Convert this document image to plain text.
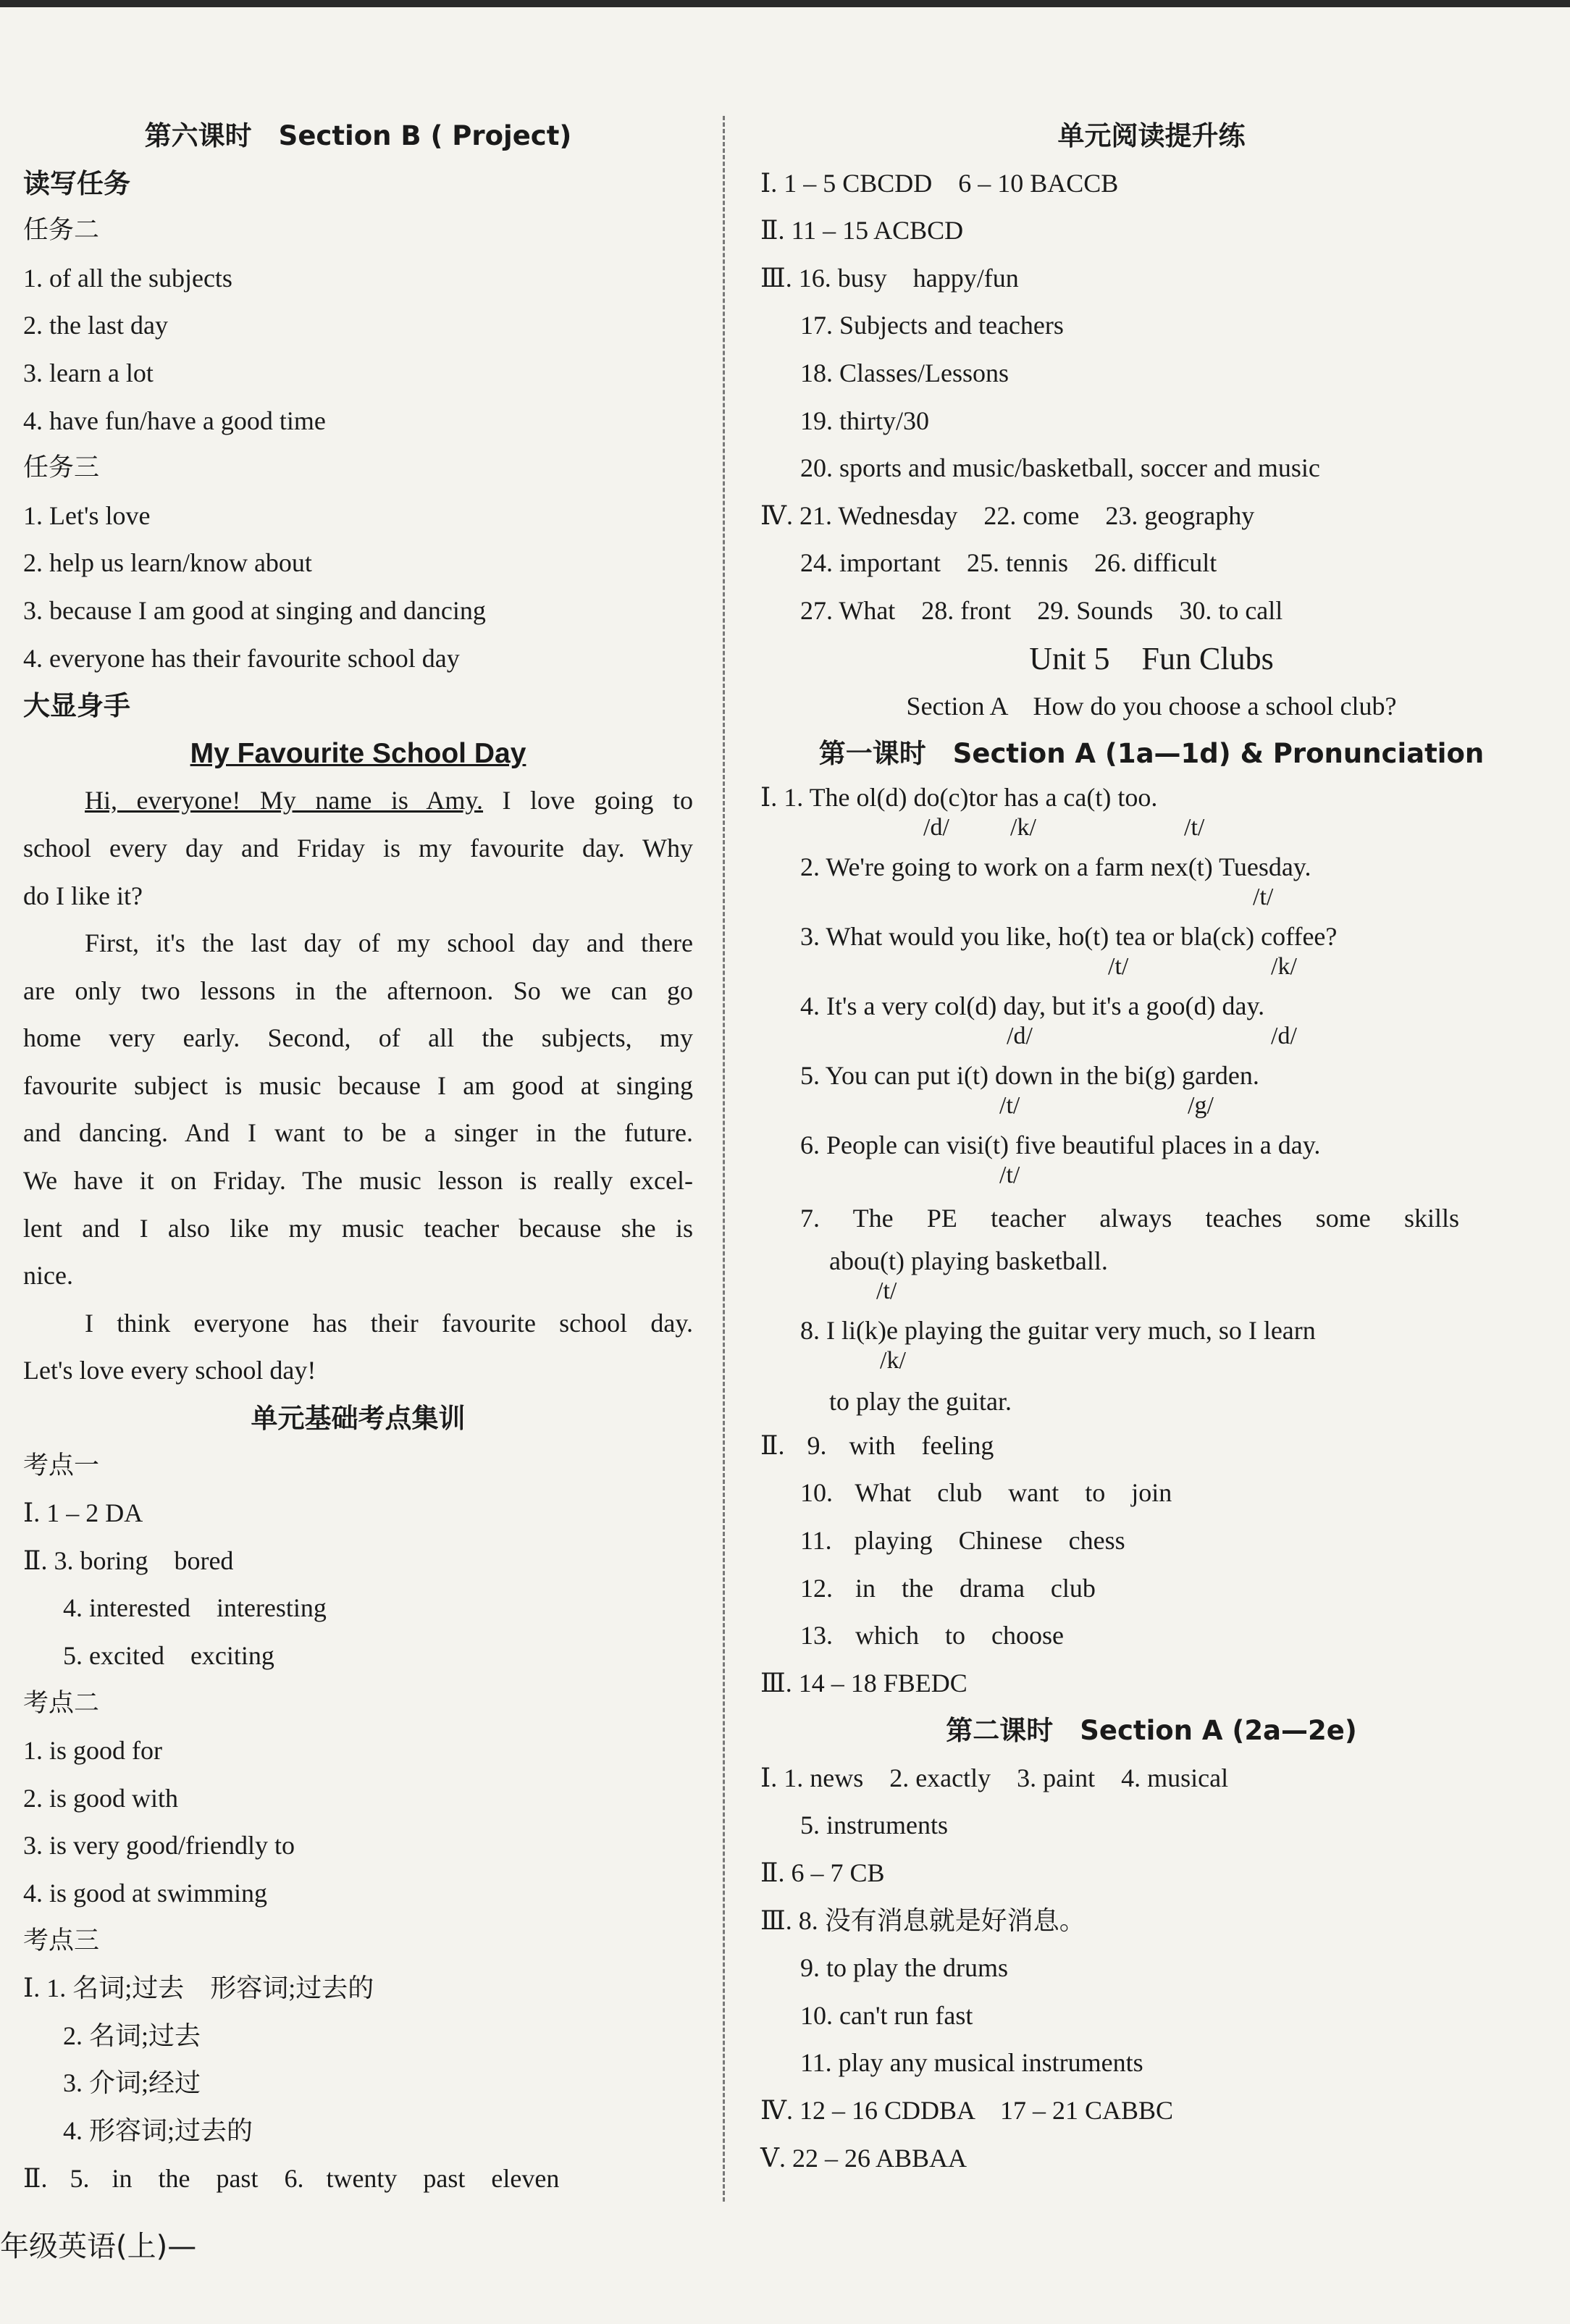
第六课时　Section B ( Project)
读写任务
任务二
1. of all the subjects
2. the last day
3. learn a lot
4. have fun/have a good time
任务三
1. Let's love
2. help us learn/know about
3. because I am good at singing and dancing
4. everyone has their favourite school day
大显身手
My Favourite School Day
Hi, everyone! My name is Amy. I love going to
school every day and Friday is my favourite day. Why
do I like it?
First, it's the last day of my school day and there
are only two lessons in the afternoon. So we can go
home very early. Second, of all the subjects, my
favourite subject is music because I am good at singing
and dancing. And I want to be a singer in the future.
We have it on Friday. The music lesson is really excel-
lent and I also like my music teacher because she is
nice.
I think everyone has their favourite school day.
Let's love every school day!
单元基础考点集训
考点一
Ⅰ. 1 – 2 DA
Ⅱ. 3. boring　bored
4. interested　interesting
5. excited　exciting
考点二
1. is good for
2. is good with
3. is very good/friendly to
4. is good at swimming
考点三
Ⅰ. 1. 名词;过去　形容词;过去的
2. 名词;过去
3. 介词;经过
4. 形容词;过去的
Ⅱ. 5. in　the　past　6. twenty　past　eleven
单元阅读提升练
Ⅰ. 1 – 5 CBCDD　6 – 10 BACCB
Ⅱ. 11 – 15 ACBCD
Ⅲ. 16. busy　happy/fun
17. Subjects and teachers
18. Classes/Lessons
19. thirty/30
20. sports and music/basketball, soccer and music
Ⅳ. 21. Wednesday　22. come　23. geography
24. important　25. tennis　26. difficult
27. What　28. front　29. Sounds　30. to call
Unit 5　Fun Clubs
Section A　How do you choose a school club?
第一课时　Section A (1a—1d) & Pronunciation
Ⅰ. 1. The ol(d) do(c)tor has a ca(t) too.
/d/ /k/	/t/
2. We're going to work on a farm nex(t) Tuesday.
/t/
3. What would you like, ho(t) tea or bla(ck) coffee?
/t/	/k/
4. It's a very col(d) day, but it's a goo(d) day.
/d/	/d/
5. You can put i(t) down in the bi(g) garden.
/t/	/g/
6. People can visi(t) five beautiful places in a day.
/t/
7. The PE teacher always teaches some skills
abou(t) playing basketball.
/t/
8. I li(k)e playing the guitar very much, so I learn
/k/
to play the guitar.
Ⅱ. 9. with　feeling
10. What　club　want　to　join
11. playing　Chinese　chess
12. in　the　drama　club
13. which　to　choose
Ⅲ. 14 – 18 FBEDC
第二课时　Section A (2a—2e)
Ⅰ. 1. news　2. exactly　3. paint　4. musical
5. instruments
Ⅱ. 6 – 7 CB
Ⅲ. 8. 没有消息就是好消息。
9. to play the drums
10. can't run fast
11. play any musical instruments
Ⅳ. 12 – 16 CDDBA　17 – 21 CABBC
Ⅴ. 22 – 26 ABBAA
年级英语(上)—
